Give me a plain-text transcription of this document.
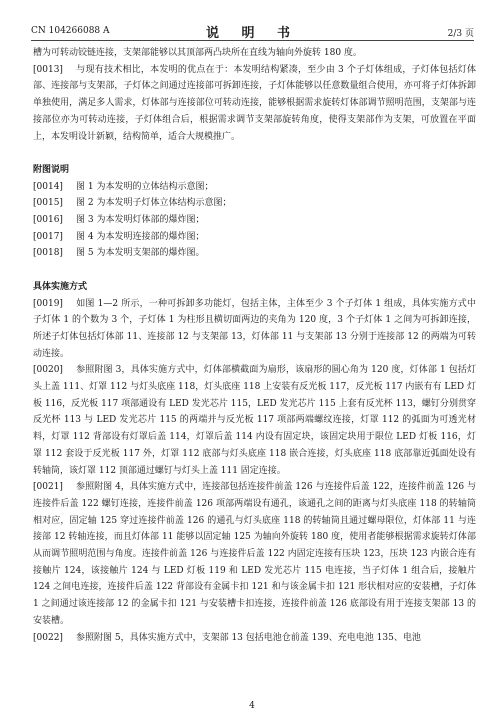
CN 104266088 A	说 明 书	2/3 页

槽为可转动铰链连接，支架部能够以其顶部两凸块所在直线为轴向外旋转 180 度。

[0013] 与现有技术相比，本发明的优点在于：本发明结构紧凑，至少由 3 个子灯体组成，子灯体包括灯体部、连接部与支架部，子灯体之间通过连接部可拆卸连接，子灯体能够以任意数量组合使用，亦可将子灯体拆卸单独使用，满足多人需求，灯体部与连接部位可转动连接，能够根据需求旋转灯体部调节照明范围，支架部与连接部位亦为可转动连接，子灯体组合后，根据需求调节支架部旋转角度，使得支架部作为支架，可放置在平面上，本发明设计新颖，结构简单，适合大规模推广。

附图说明

[0014] 图 1 为本发明的立体结构示意图；

[0015] 图 2 为本发明子灯体立体结构示意图；

[0016] 图 3 为本发明灯体部的爆炸图；

[0017] 图 4 为本发明连接部的爆炸图；

[0018] 图 5 为本发明支架部的爆炸图。

具体实施方式

[0019] 如图 1—2 所示，一种可拆卸多功能灯，包括主体，主体至少 3 个子灯体 1 组成，具体实施方式中子灯体 1 的个数为 3 个，子灯体 1 为柱形且横切面两边的夹角为 120 度，3 个子灯体 1 之间为可拆卸连接，所述子灯体包括灯体部 11、连接部 12 与支架部 13，灯体部 11 与支架部 13 分别于连接部 12 的两端为可转动连接。

[0020] 参照附图 3，具体实施方式中，灯体部横截面为扇形，该扇形的圆心角为 120 度，灯体部 1 包括灯头上盖 111、灯罩 112 与灯头底座 118，灯头底座 118 上安装有反光板 117，反光板 117 内嵌有有 LED 灯板 116，反光板 117 项部通设有 LED 发光芯片 115，LED 发光芯片 115 上套有反光杯 113，螺钉分别贯穿反光杯 113 与 LED 发光芯片 115 的两端并与反光板 117 项部两端螺纹连接，灯罩 112 的弧面为可透光材料，灯罩 112 背部设有灯罩后盖 114，灯罩后盖 114 内设有固定块，该固定块用于限位 LED 灯板 116，灯罩 112 套设于反光板 117 外，灯罩 112 底部与灯头底座 118 嵌合连接，灯头底座 118 底部靠近弧面处设有转轴筒，该灯罩 112 顶部通过螺钉与灯头上盖 111 固定连接。

[0021] 参照附图 4，具体实施方式中，连接部包括连接件前盖 126 与连接件后盖 122，连接件前盖 126 与连接件后盖 122 螺钉连接，连接件前盖 126 项部两端设有通孔，该通孔之间的距离与灯头底座 118 的转轴筒相对应，固定轴 125 穿过连接件前盖 126 的通孔与灯头底座 118 的转轴筒且通过螺母限位，灯体部 11 与连接部 12 转轴连接，而且灯体部 11 能够以固定轴 125 为轴向外旋转 180 度，使用者能够根据需求旋转灯体部从而调节照明范围与角度。连接件前盖 126 与连接件后盖 122 内固定连接有压块 123，压块 123 内嵌合连有接触片 124，该接触片 124 与 LED 灯板 119 和 LED 发光芯片 115 电连接，当子灯体 1 组合后，接触片 124 之间电连接，连接件后盖 122 背部设有金属卡扣 121 和与该金属卡扣 121 形状相对应的安装槽，子灯体 1 之间通过该连接部 12 的金属卡扣 121 与安装槽卡扣连接，连接件前盖 126 底部设有用于连接支架部 13 的安装槽。

[0022] 参照附图 5，具体实施方式中，支架部 13 包括电池仓前盖 139、充电电池 135、电池

4
